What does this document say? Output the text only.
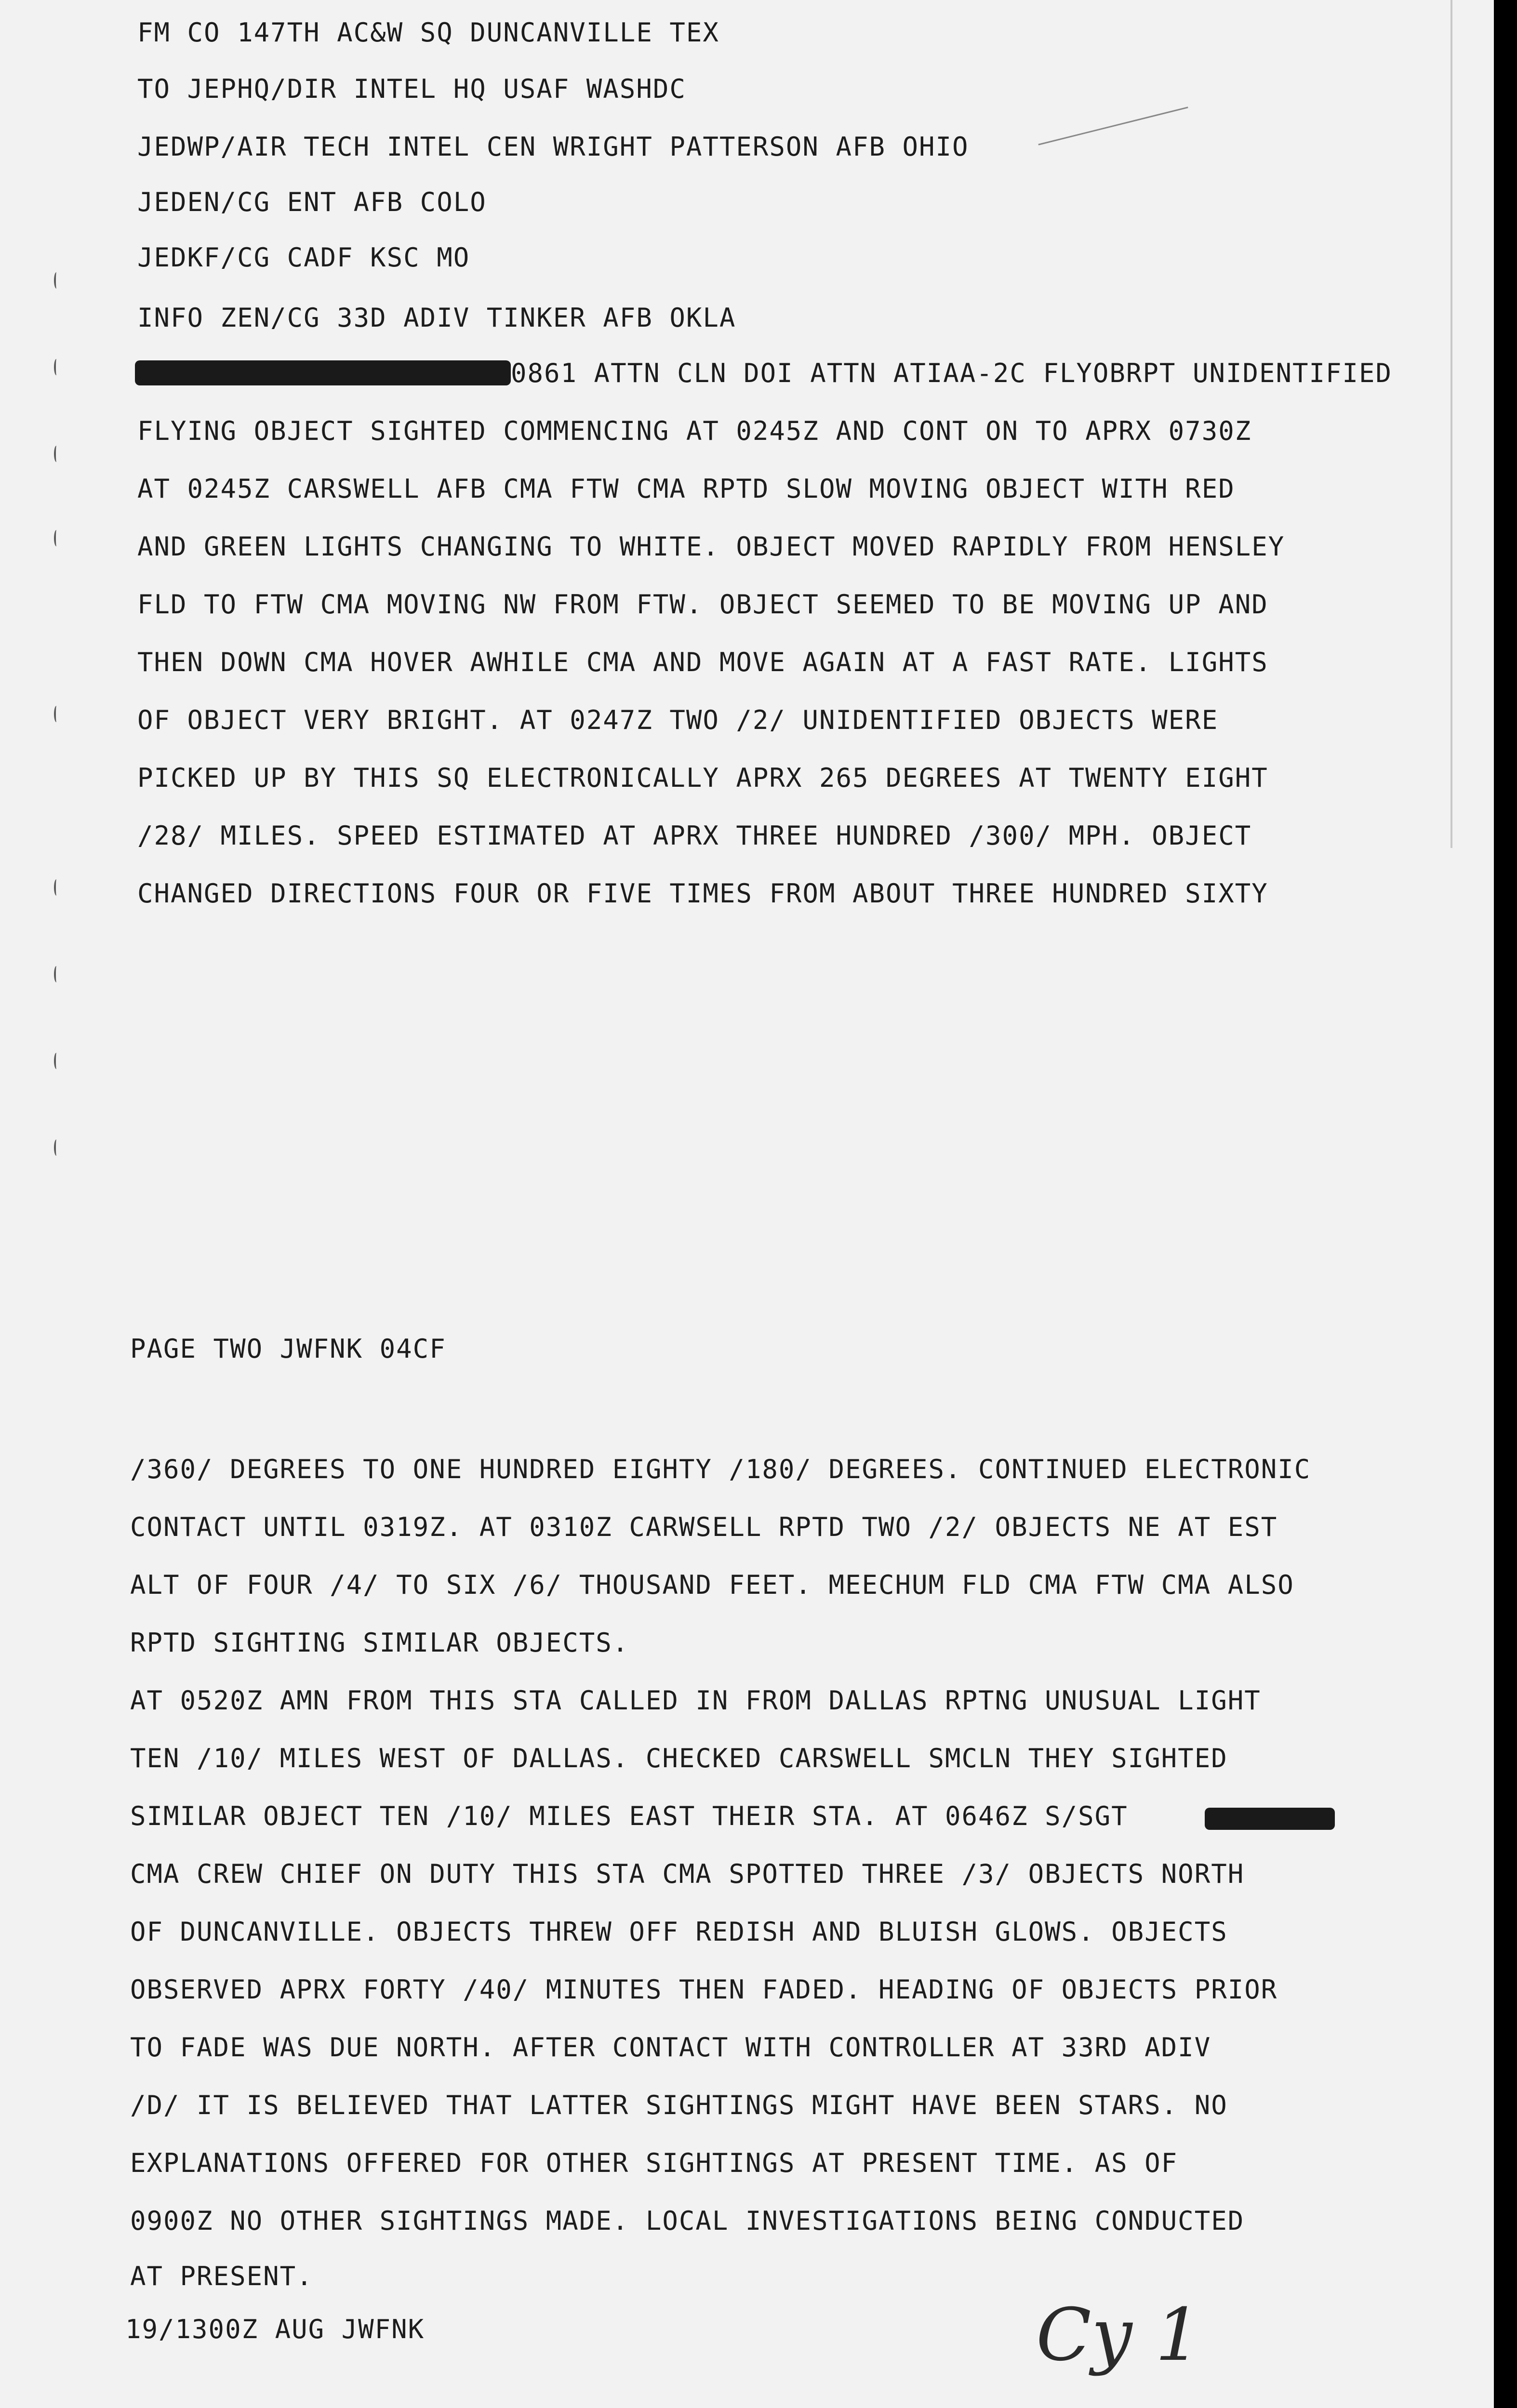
FM CO 147TH AC&W SQ DUNCANVILLE TEX
TO JEPHQ/DIR INTEL HQ USAF WASHDC
JEDWP/AIR TECH INTEL CEN WRIGHT PATTERSON AFB OHIO
JEDEN/CG ENT AFB COLO
JEDKF/CG CADF KSC MO
INFO ZEN/CG 33D ADIV TINKER AFB OKLA
0861 ATTN CLN DOI ATTN ATIAA-2C FLYOBRPT UNIDENTIFIED
FLYING OBJECT SIGHTED COMMENCING AT 0245Z AND CONT ON TO APRX 0730Z
AT 0245Z CARSWELL AFB CMA FTW CMA RPTD SLOW MOVING OBJECT WITH RED
AND GREEN LIGHTS CHANGING TO WHITE. OBJECT MOVED RAPIDLY FROM HENSLEY
FLD TO FTW CMA MOVING NW FROM FTW. OBJECT SEEMED TO BE MOVING UP AND
THEN DOWN CMA HOVER AWHILE CMA AND MOVE AGAIN AT A FAST RATE. LIGHTS
OF OBJECT VERY BRIGHT. AT 0247Z TWO /2/ UNIDENTIFIED OBJECTS WERE
PICKED UP BY THIS SQ ELECTRONICALLY APRX 265 DEGREES AT TWENTY EIGHT
/28/ MILES. SPEED ESTIMATED AT APRX THREE HUNDRED /300/ MPH. OBJECT
CHANGED DIRECTIONS FOUR OR FIVE TIMES FROM ABOUT THREE HUNDRED SIXTY
PAGE TWO JWFNK 04CF
/360/ DEGREES TO ONE HUNDRED EIGHTY /180/ DEGREES. CONTINUED ELECTRONIC
CONTACT UNTIL 0319Z. AT 0310Z CARWSELL RPTD TWO /2/ OBJECTS NE AT EST
ALT OF FOUR /4/ TO SIX /6/ THOUSAND FEET. MEECHUM FLD CMA FTW CMA ALSO
RPTD SIGHTING SIMILAR OBJECTS.
AT 0520Z AMN FROM THIS STA CALLED IN FROM DALLAS RPTNG UNUSUAL LIGHT
TEN /10/ MILES WEST OF DALLAS. CHECKED CARSWELL SMCLN THEY SIGHTED
SIMILAR OBJECT TEN /10/ MILES EAST THEIR STA. AT 0646Z S/SGT
CMA CREW CHIEF ON DUTY THIS STA CMA SPOTTED THREE /3/ OBJECTS NORTH
OF DUNCANVILLE. OBJECTS THREW OFF REDISH AND BLUISH GLOWS. OBJECTS
OBSERVED APRX FORTY /40/ MINUTES THEN FADED. HEADING OF OBJECTS PRIOR
TO FADE WAS DUE NORTH. AFTER CONTACT WITH CONTROLLER AT 33RD ADIV
/D/ IT IS BELIEVED THAT LATTER SIGHTINGS MIGHT HAVE BEEN STARS. NO
EXPLANATIONS OFFERED FOR OTHER SIGHTINGS AT PRESENT TIME. AS OF
0900Z NO OTHER SIGHTINGS MADE. LOCAL INVESTIGATIONS BEING CONDUCTED
AT PRESENT.
19/1300Z AUG JWFNK	Cy 1
